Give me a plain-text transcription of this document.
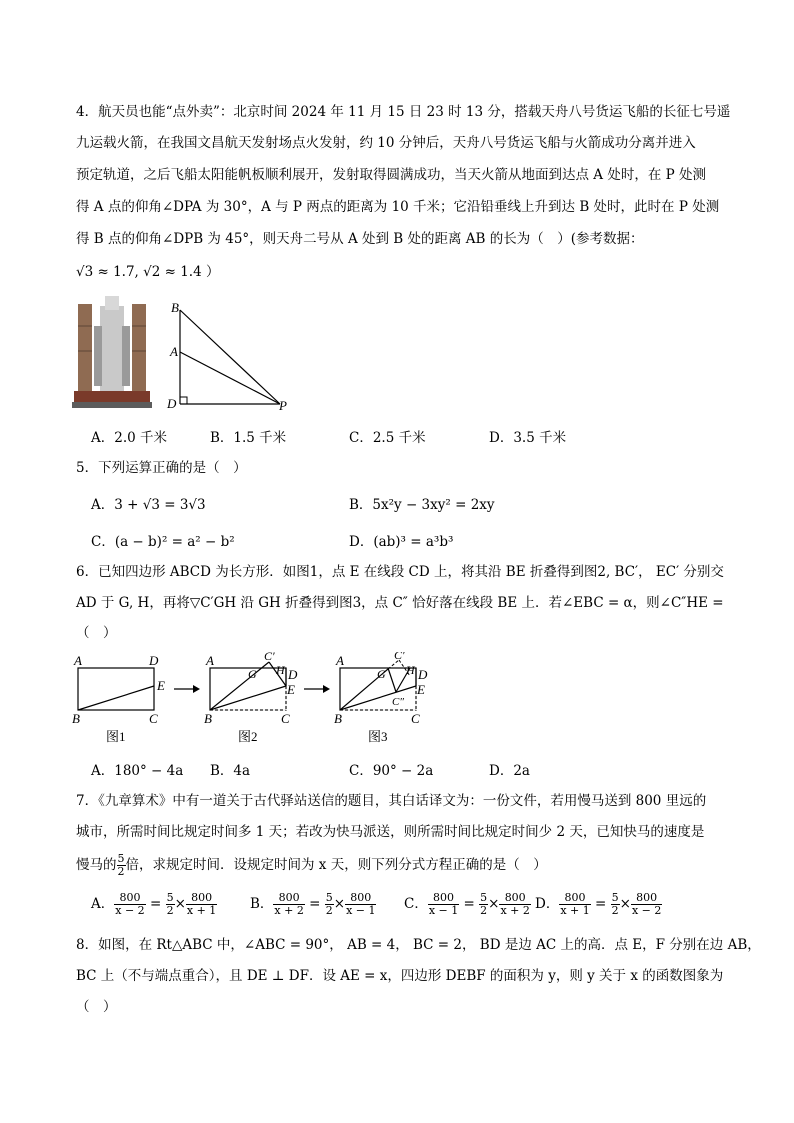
4．航天员也能“点外卖”：北京时间 2024 年 11 月 15 日 23 时 13 分，搭载天舟八号货运飞船的长征七号遥
九运载火箭，在我国文昌航天发射场点火发射，约 10 分钟后，天舟八号货运飞船与火箭成功分离并进入
预定轨道，之后飞船太阳能帆板顺利展开，发射取得圆满成功，当天火箭从地面到达点 A 处时，在 P 处测
得 A 点的仰角∠DPA 为 30°，A 与 P 两点的距离为 10 千米；它沿铅垂线上升到达 B 处时，此时在 P 处测
得 B 点的仰角∠DPB 为 45°，则天舟二号从 A 处到 B 处的距离 AB 的长为（　）(参考数据：
√3 ≈ 1.7, √2 ≈ 1.4 ）
B
A
D	P
A．2.0 千米	B．1.5 千米	C．2.5 千米	D．3.5 千米
5．下列运算正确的是（　）
A．3 + √3 = 3√3	B．5x²y − 3xy² = 2xy
C．(a − b)² = a² − b²	D．(ab)³ = a³b³
6．已知四边形 ABCD 为长方形．如图1，点 E 在线段 CD 上，将其沿 BE 折叠得到图2, BC′， EC′ 分别交
AD 于 G, H，再将▽C′GH 沿 GH 折叠得到图3，点 C″ 恰好落在线段 BE 上．若∠EBC = α，则∠C″HE =
（　）
A	D
E
B	C
图1
A	C′
G H D
E
B	C
图2
A	C′
G H D
E
C″
B	C
图3
A．180° − 4a B．4a	C．90° − 2a	D．2a
7．《九章算术》中有一道关于古代驿站送信的题目，其白话译文为：一份文件，若用慢马送到 800 里远的
城市，所需时间比规定时间多 1 天；若改为快马派送，则所需时间比规定时间少 2 天，已知快马的速度是
慢马的 $\frac{5}{2}$ 倍，求规定时间．设规定时间为 x 天，则下列分式方程正确的是（　）
A． $\frac{800}{x - 2} = \frac{5}{2} \times \frac{800}{x + 1}$ B． $\frac{800}{x + 2} = \frac{5}{2} \times \frac{800}{x - 1}$ C． $\frac{800}{x - 1} = \frac{5}{2} \times \frac{800}{x + 2}$ D． $\frac{800}{x + 1} = \frac{5}{2} \times \frac{800}{x - 2}$
8．如图，在 Rt△ABC 中，∠ABC = 90°， AB = 4， BC = 2， BD 是边 AC 上的高．点 E，F 分别在边 AB，
BC 上（不与端点重合），且 DE ⊥ DF．设 AE = x，四边形 DEBF 的面积为 y，则 y 关于 x 的函数图象为
（　）
